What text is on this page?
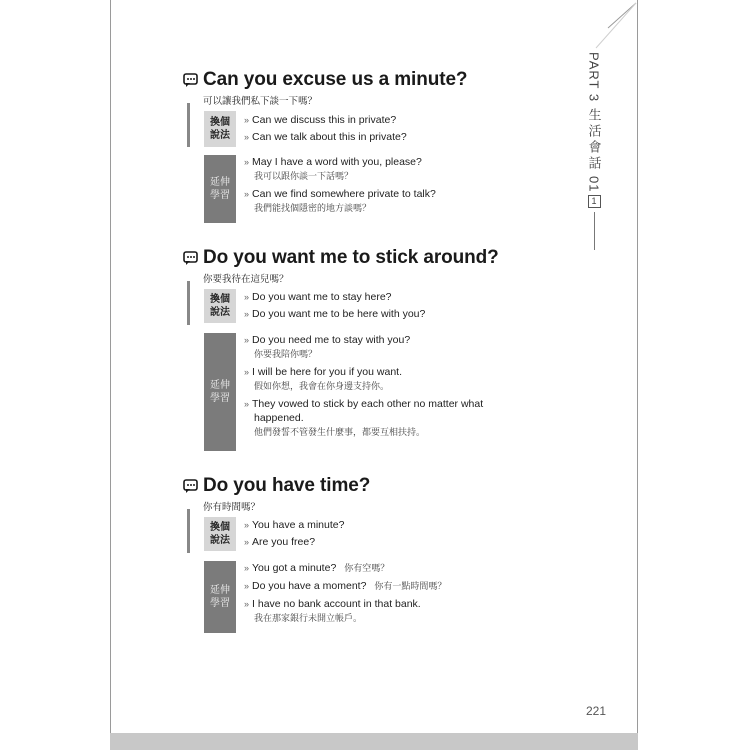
PART 3
生活會話
01
1
Can you excuse us a minute?
可以讓我們私下談一下嗎？
換個
說法
» Can we discuss this in private?
» Can we talk about this in private?
延伸
學習
» May I have a word with you, please?
我可以跟你談一下話嗎？
» Can we find somewhere private to talk?
我們能找個隱密的地方談嗎？
Do you want me to stick around?
你要我待在這兒嗎？
換個
說法
» Do you want me to stay here?
» Do you want me to be here with you?
延伸
學習
» Do you need me to stay with you?
你要我陪你嗎？
» I will be here for you if you want.
假如你想，我會在你身邊支持你。
» They vowed to stick by each other no matter what
happened.
他們發誓不管發生什麼事，都要互相扶持。
Do you have time?
你有時間嗎？
換個
說法
» You have a minute?
» Are you free?
延伸
學習
» You got a minute? 你有空嗎？
» Do you have a moment? 你有一點時間嗎？
» I have no bank account in that bank.
我在那家銀行未開立帳戶。
221
